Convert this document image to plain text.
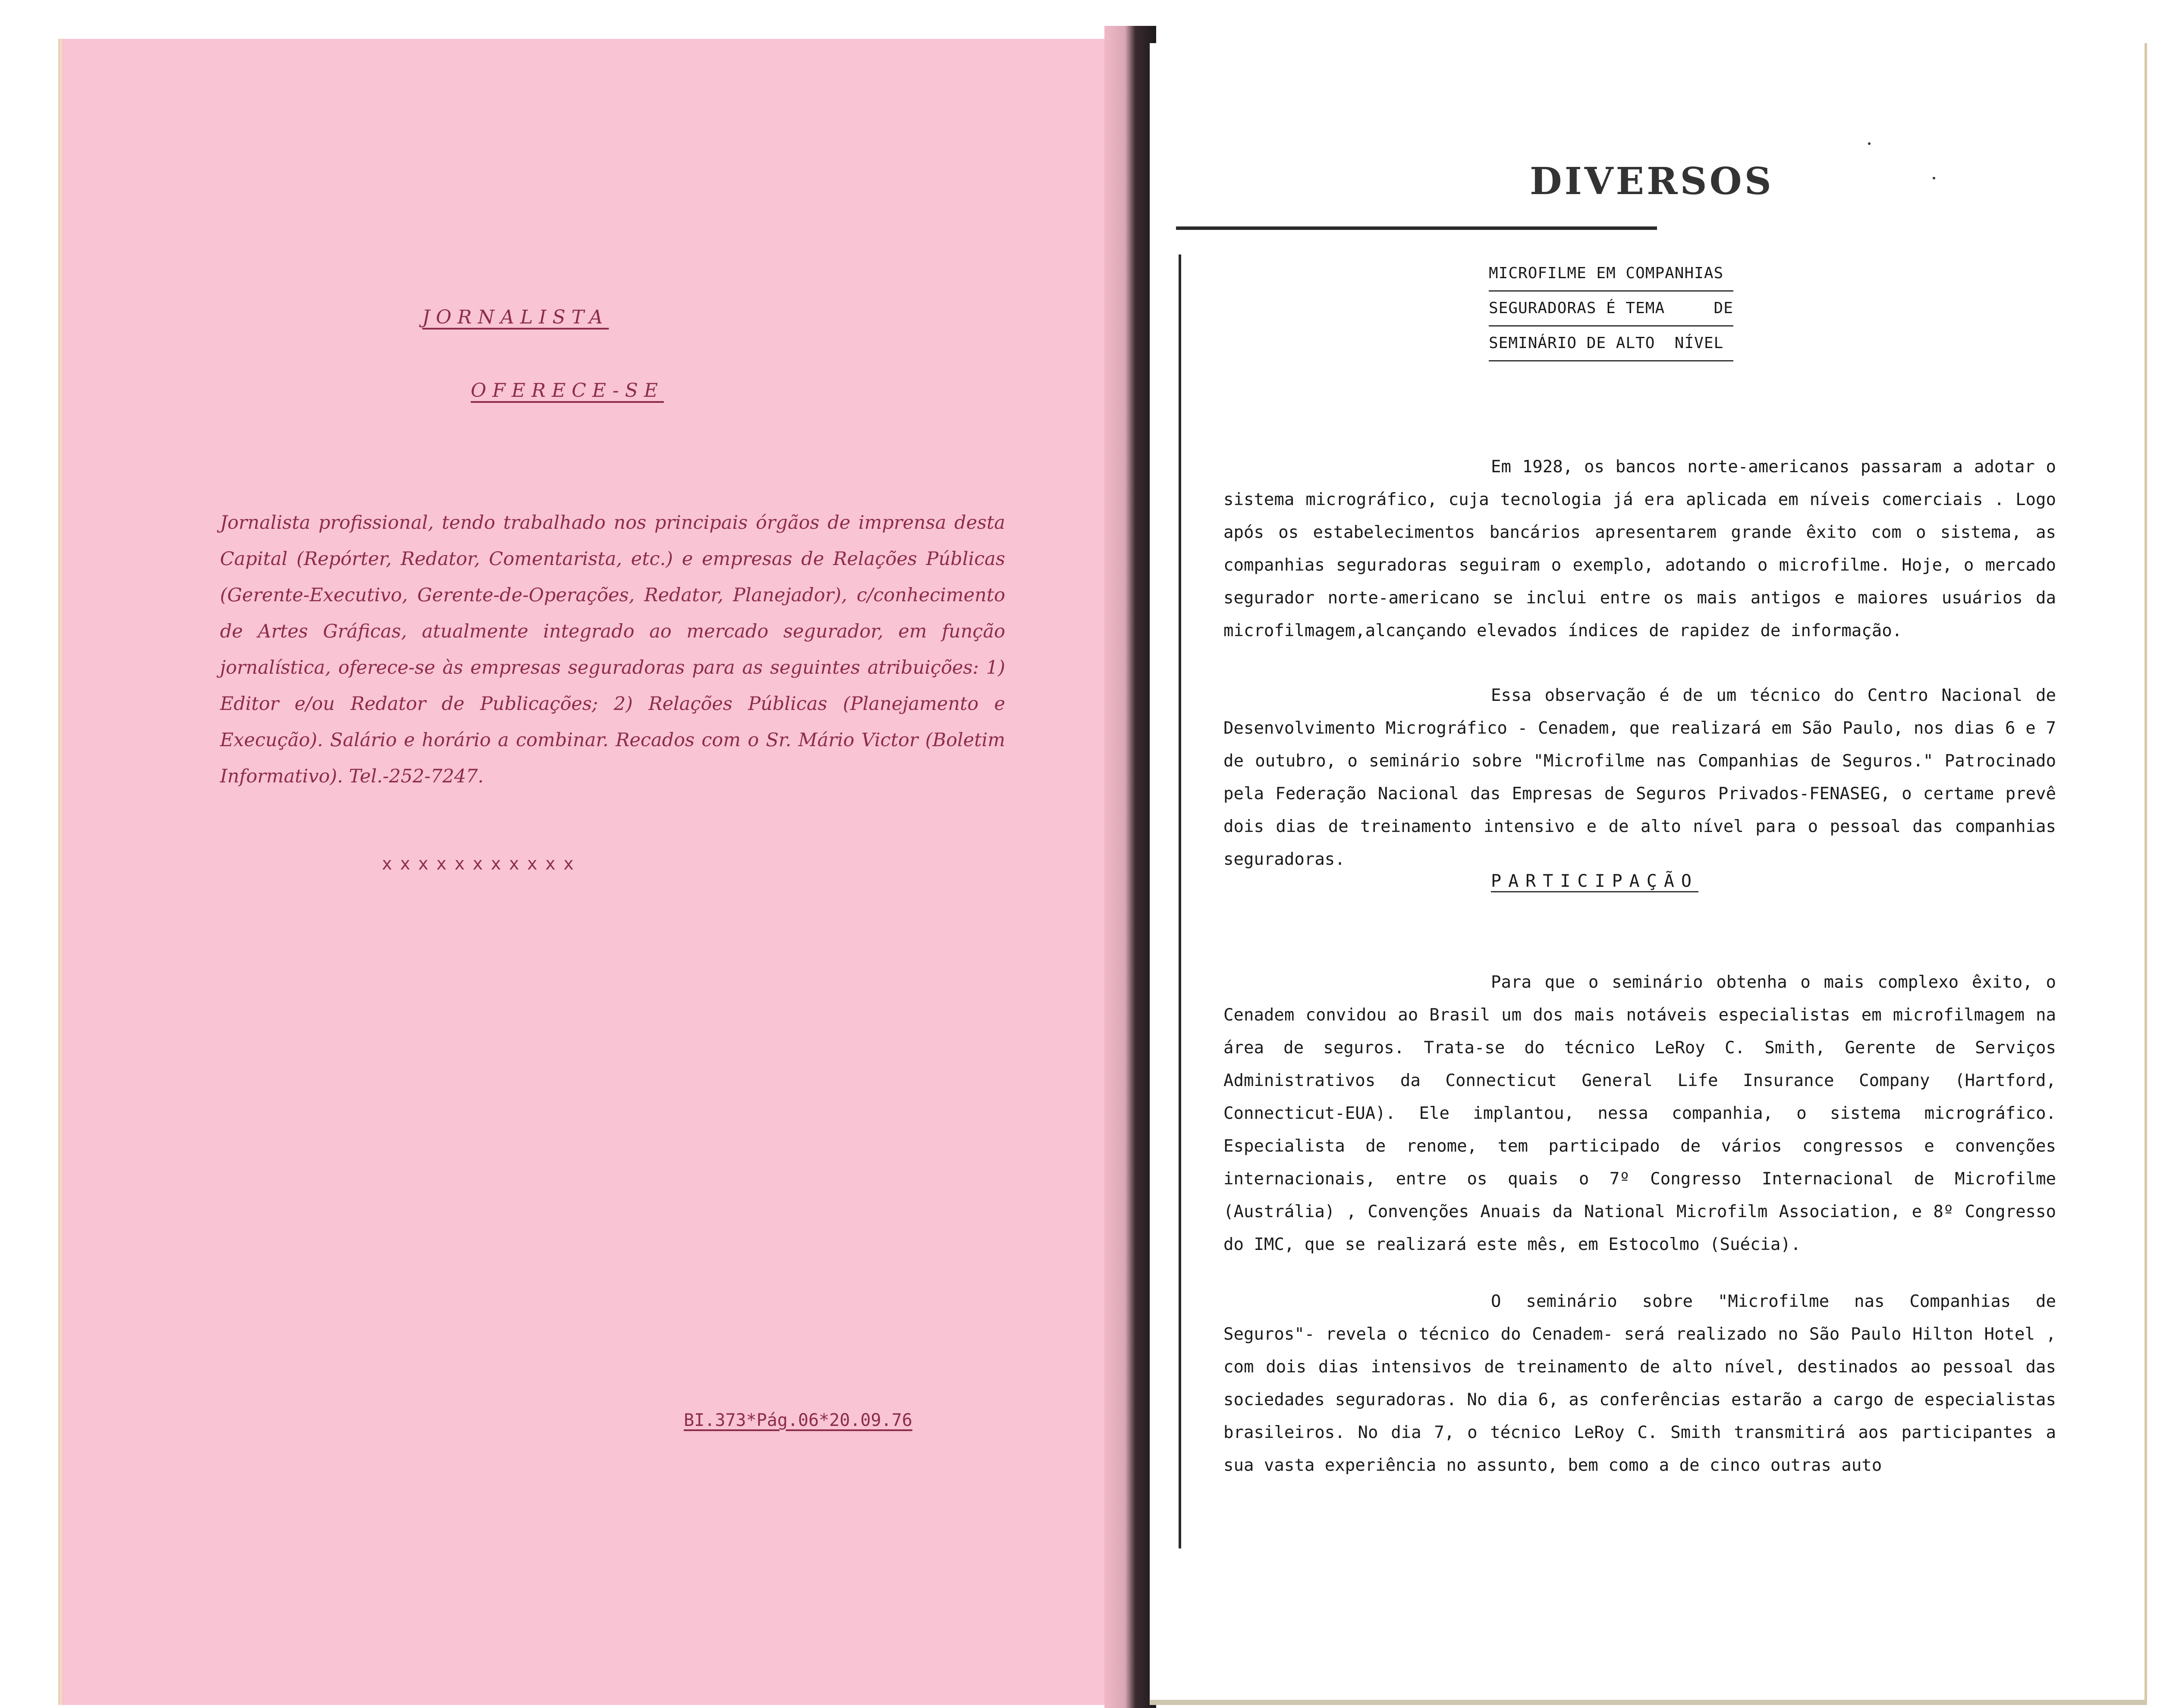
JORNALISTA
OFERECE-SE
Jornalista profissional, tendo trabalhado nos principais órgãos de imprensa desta Capital (Repórter, Redator, Comentarista, etc.) e empresas de Relações Públicas (Gerente-Executivo, Gerente-de-Operações, Redator, Planejador), c/conhecimento de Artes Gráficas, atualmente integrado ao mercado segurador, em função jornalística, oferece-se às empresas seguradoras para as seguintes atribuições: 1) Editor e/ou Redator de Publicações; 2) Relações Públicas (Planejamento e Execução). Salário e horário a combinar. Recados com o Sr. Mário Victor (Boletim Informativo). Tel.-252-7247.
xxxxxxxxxxx
BI.373*Pág.06*20.09.76
DIVERSOS
MICROFILME EM COMPANHIAS
SEGURADORAS É TEMA     DE
SEMINÁRIO DE ALTO  NÍVEL
Em 1928, os bancos norte-americanos passaram a adotar o sistema micrográfico, cuja tecnologia já era aplicada em níveis comerciais . Logo após os estabelecimentos bancários apresentarem grande êxito com o sistema, as companhias seguradoras seguiram o exemplo, adotando o microfilme. Hoje, o mercado segurador norte-americano se inclui entre os mais antigos e maiores usuários da microfilmagem,alcançando elevados índices de rapidez de informação.
Essa observação é de um técnico do Centro Nacional de Desenvolvimento Micrográfico - Cenadem, que realizará em São Paulo, nos dias 6 e 7 de outubro, o seminário sobre "Microfilme nas Companhias de Seguros." Patrocinado pela Federação Nacional das Empresas de Seguros Privados-FENASEG, o certame prevê dois dias de treinamento intensivo e de alto nível para o pessoal das companhias seguradoras.
PARTICIPAÇÃO
Para que o seminário obtenha o mais complexo êxito, o Cenadem convidou ao Brasil um dos mais notáveis especialistas em microfilmagem na área de seguros. Trata-se do técnico LeRoy C. Smith, Gerente de Serviços Administrativos da Connecticut General Life Insurance Company (Hartford, Connecticut-EUA). Ele implantou, nessa companhia, o sistema micrográfico. Especialista de renome, tem participado de vários congressos e convenções internacionais, entre os quais o 7º Congresso Internacional de Microfilme (Austrália) , Convenções Anuais da National Microfilm Association, e 8º Congresso do IMC, que se realizará este mês, em Estocolmo (Suécia).
O seminário sobre "Microfilme nas Companhias de Seguros"- revela o técnico do Cenadem- será realizado no São Paulo Hilton Hotel , com dois dias intensivos de treinamento de alto nível, destinados ao pessoal das sociedades seguradoras. No dia 6, as conferências estarão a cargo de especialistas brasileiros. No dia 7, o técnico LeRoy C. Smith transmitirá aos participantes a sua vasta experiência no assunto, bem como a de cinco outras auto
